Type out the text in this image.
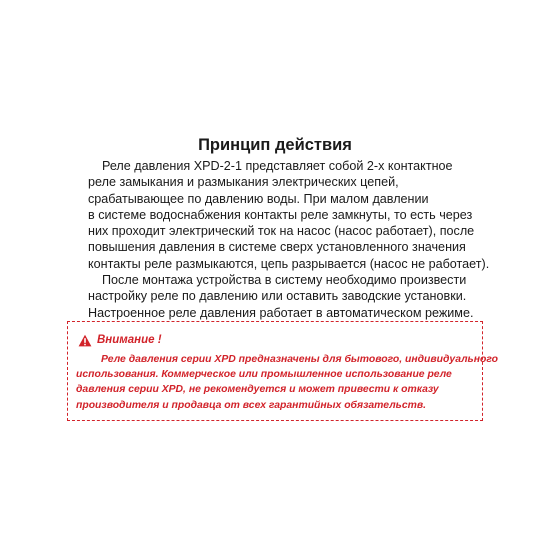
Принцип действия
Реле давления XPD-2-1 представляет собой 2-х контактное
реле замыкания и размыкания электрических цепей,
срабатывающее по давлению воды. При малом давлении
в системе водоснабжения контакты реле замкнуты, то есть через
них проходит электрический ток на насос (насос работает), после
повышения давления в системе сверх установленного значения
контакты реле размыкаются, цепь разрывается (насос не работает).
После монтажа устройства в систему необходимо произвести
настройку реле по давлению или оставить заводские установки.
Настроенное реле давления работает в автоматическом режиме.
Внимание !
Реле давления серии XPD предназначены для бытового, индивидуального
использования. Коммерческое или промышленное использование реле
давления серии XPD, не рекомендуется и может привести к отказу
производителя и продавца от всех гарантийных обязательств.
